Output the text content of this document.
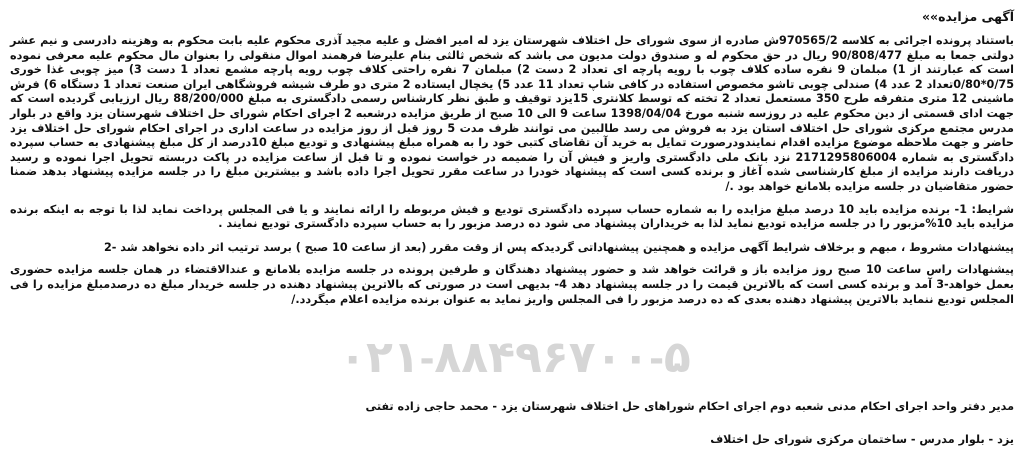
۰۲۱-۸۸۴۹۶۷۰۰-۵
آگهی مزایده»»

باستناد پرونده اجرائی به کلاسه 970565/2ش صادره از سوی شورای حل اختلاف شهرستان یزد له امیر افضل و علیه مجید آذری محکوم علیه بابت محکوم به وهزینه دادرسی و نیم عشر دولتی جمعا به مبلغ 90/808/477 ریال در حق محکوم له و صندوق دولت مدیون می باشد که شخص ثالثی بنام علیرضا فرهمند اموال منقولی را بعنوان مال محکوم علیه معرفی نموده است که عبارتند از 1) مبلمان 9 نفره ساده کلاف چوب با رویه پارچه ای تعداد 2 دست 2) مبلمان 7 نفره راحتی کلاف چوب رویه پارچه مشمع تعداد 1 دست 3) میز چوبی غذا خوری 0/75*0/80تعداد 2 عدد 4) صندلی چوبی تاشو مخصوص استفاده در کافی شاپ تعداد 11 عدد 5) یخچال ایستاده 2 متری دو طرف شیشه فروشگاهی ایران صنعت تعداد 1 دستگاه 6) فرش ماشینی 12 متری متفرقه طرح 350 مستعمل تعداد 2 تخته که توسط کلانتری 15یزد توقیف و طبق نظر کارشناس رسمی دادگستری به مبلغ 88/200/000 ریال ارزیابی گردیده است که جهت ادای قسمتی از دین محکوم علیه در روزسه شنبه مورخ 1398/04/04 ساعت 9 الی 10 صبح از طریق مزایده درشعبه 2 اجرای احکام شورای حل اختلاف شهرستان یزد واقع در بلوار مدرس مجتمع مرکزی شورای حل اختلاف استان یزد به فروش می رسد طالبین می توانند ظرف مدت 5 روز قبل از روز مزایده در ساعت اداری در اجرای احکام شورای حل اختلاف یزد حاضر و جهت ملاحظه موضوع مزایده اقدام نمایندودرصورت تمایل به خرید آن تقاضای کتبی خود را به همراه مبلغ پیشنهادی و تودیع مبلغ 10درصد از کل مبلغ پیشنهادی به حساب سپرده دادگستری به شماره 2171295806004 نزد بانک ملی دادگستری واریز و فیش آن را ضمیمه در خواست نموده و تا قبل از ساعت مزایده در پاکت دربسته تحویل اجرا نموده و رسید دریافت دارند مزایده از مبلغ کارشناسی شده آغاز و برنده کسی است که پیشنهاد خودرا در ساعت مقرر تحویل اجرا داده باشد و بیشترین مبلغ را در جلسه مزایده پیشنهاد بدهد ضمنا حضور متقاضیان در جلسه مزایده بلامانع خواهد بود ./

شرایط: 1- برنده مزایده باید 10 درصد مبلغ مزایده را به شماره حساب سپرده دادگستری تودیع و فیش مربوطه را ارائه نمایند و یا فی المجلس پرداخت نماید لذا با توجه به اینکه برنده مزایده باید 10%مزبور را در جلسه مزایده تودیع نماید لذا به خریداران پیشنهاد می شود ده درصد مزبور را به حساب سپرده دادگستری تودیع نمایند .

پیشنهادات مشروط ، مبهم و برخلاف شرایط آگهی مزایده و همچنین پیشنهاداتی گردیدکه پس از وقت مقرر (بعد از ساعت 10 صبح ) برسد ترتیب اثر داده نخواهد شد -2

پیشنهادات راس ساعت 10 صبح روز مزایده باز و قرائت خواهد شد و حضور پیشنهاد دهندگان و طرفین پرونده در جلسه مزایده بلامانع و عندالاقتضاء در همان جلسه مزایده حضوری بعمل خواهد-3 آمد و برنده کسی است که بالاترین قیمت را در جلسه پیشنهاد دهد 4- بدیهی است در صورتی که بالاترین پیشنهاد دهنده در جلسه خریدار مبلغ ده درصدمبلغ مزایده را فی المجلس تودیع ننماید بالاترین پیشنهاد دهنده بعدی که ده درصد مزبور را فی المجلس واریز نماید به عنوان برنده مزایده اعلام میگردد./

مدیر دفتر واحد اجرای احکام مدنی شعبه دوم اجرای احکام شوراهای حل اختلاف شهرستان یزد - محمد حاجی زاده تفتی

یزد - بلوار مدرس - ساختمان مرکزی شورای حل اختلاف
